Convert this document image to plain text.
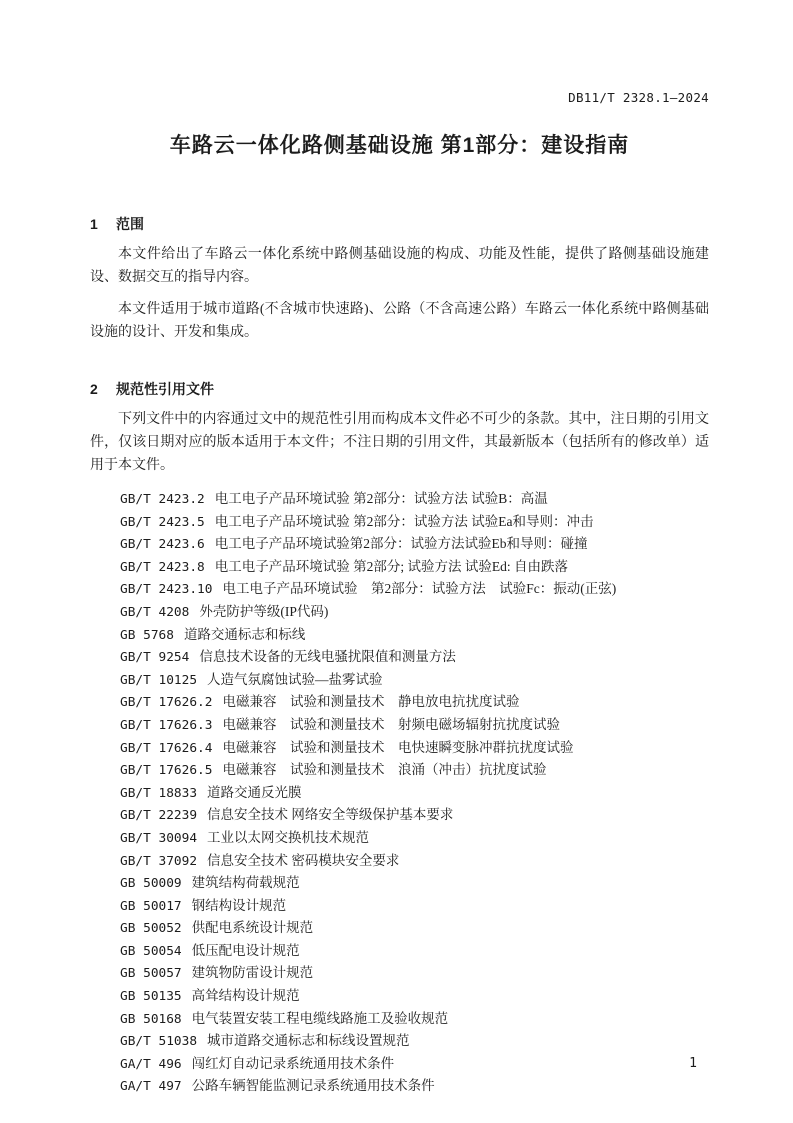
DB11/T 2328.1—2024
车路云一体化路侧基础设施 第1部分：建设指南
1 范围

本文件给出了车路云一体化系统中路侧基础设施的构成、功能及性能，提供了路侧基础设施建设、数据交互的指导内容。

本文件适用于城市道路(不含城市快速路)、公路（不含高速公路）车路云一体化系统中路侧基础设施的设计、开发和集成。

2 规范性引用文件

下列文件中的内容通过文中的规范性引用而构成本文件必不可少的条款。其中，注日期的引用文件，仅该日期对应的版本适用于本文件；不注日期的引用文件，其最新版本（包括所有的修改单）适用于本文件。

GB/T 2423.2 电工电子产品环境试验 第2部分：试验方法 试验B：高温
GB/T 2423.5 电工电子产品环境试验 第2部分：试验方法 试验Ea和导则：冲击
GB/T 2423.6 电工电子产品环境试验第2部分：试验方法试验Eb和导则：碰撞
GB/T 2423.8 电工电子产品环境试验 第2部分; 试验方法 试验Ed: 自由跌落
GB/T 2423.10 电工电子产品环境试验　第2部分：试验方法　试验Fc：振动(正弦)
GB/T 4208 外壳防护等级(IP代码)
GB 5768 道路交通标志和标线
GB/T 9254 信息技术设备的无线电骚扰限值和测量方法
GB/T 10125 人造气氛腐蚀试验—盐雾试验
GB/T 17626.2 电磁兼容　试验和测量技术　静电放电抗扰度试验
GB/T 17626.3 电磁兼容　试验和测量技术　射频电磁场辐射抗扰度试验
GB/T 17626.4 电磁兼容　试验和测量技术　电快速瞬变脉冲群抗扰度试验
GB/T 17626.5 电磁兼容　试验和测量技术　浪涌（冲击）抗扰度试验
GB/T 18833 道路交通反光膜
GB/T 22239 信息安全技术 网络安全等级保护基本要求
GB/T 30094 工业以太网交换机技术规范
GB/T 37092 信息安全技术 密码模块安全要求
GB 50009 建筑结构荷载规范
GB 50017 钢结构设计规范
GB 50052 供配电系统设计规范
GB 50054 低压配电设计规范
GB 50057 建筑物防雷设计规范
GB 50135 高耸结构设计规范
GB 50168 电气装置安装工程电缆线路施工及验收规范
GB/T 51038 城市道路交通标志和标线设置规范
GA/T 496 闯红灯自动记录系统通用技术条件
GA/T 497 公路车辆智能监测记录系统通用技术条件
1
